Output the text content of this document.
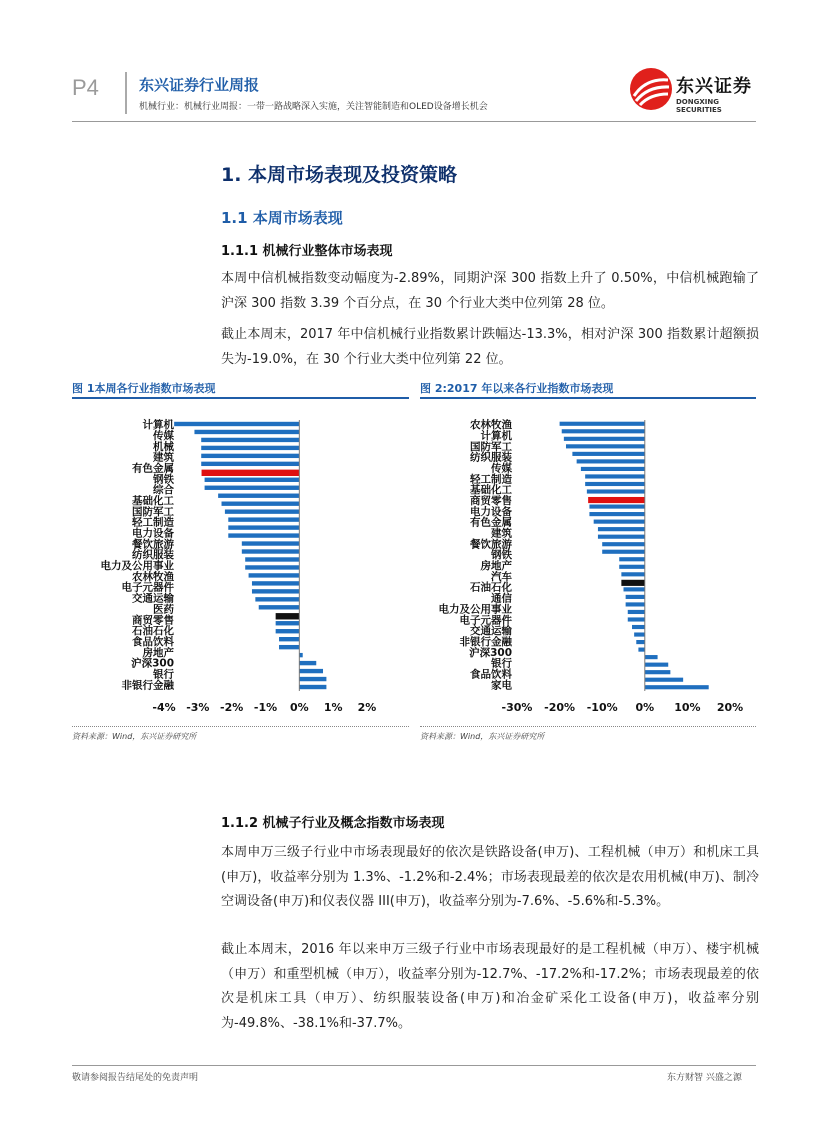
P4	东兴证券行业周报
机械行业：机械行业周报：一带一路战略深入实施，关注智能制造和OLED设备增长机会
东兴证券
DONGXING SECURITIES
1. 本周市场表现及投资策略
1.1 本周市场表现
1.1.1 机械行业整体市场表现

本周中信机械指数变动幅度为-2.89%，同期沪深 300 指数上升了 0.50%，中信机械跑输了沪深 300 指数 3.39 个百分点，在 30 个行业大类中位列第 28 位。

截止本周末，2017 年中信机械行业指数累计跌幅达-13.3%，相对沪深 300 指数累计超额损失为-19.0%，在 30 个行业大类中位列第 22 位。

图 1本周各行业指数市场表现
计算机
传媒
机械
建筑
有色金属
钢铁
综合
基础化工
国防军工
轻工制造
电力设备
餐饮旅游
纺织服装
电力及公用事业
农林牧渔
电子元器件
交通运输
医药
商贸零售
石油石化
食品饮料
房地产
沪深300
银行
非银行金融
-4% -3% -2% -1% 0% 1% 2%
资料来源：Wind，东兴证券研究所
图 2:2017 年以来各行业指数市场表现
农林牧渔
计算机
国防军工
纺织服装
传媒
轻工制造
基础化工
商贸零售
电力设备
有色金属
建筑
餐饮旅游
钢铁
房地产
汽车
石油石化
通信
电力及公用事业
电子元器件
交通运输
非银行金融
沪深300
银行
食品饮料
家电
-30% -20% -10% 0% 10% 20%
资料来源：Wind，东兴证券研究所
1.1.2 机械子行业及概念指数市场表现

本周申万三级子行业中市场表现最好的依次是铁路设备(申万)、工程机械（申万）和机床工具(申万)，收益率分别为 1.3%、-1.2%和-2.4%；市场表现最差的依次是农用机械(申万)、制冷空调设备(申万)和仪表仪器 III(申万)，收益率分别为-7.6%、-5.6%和-5.3%。

截止本周末，2016 年以来申万三级子行业中市场表现最好的是工程机械（申万）、楼宇机械（申万）和重型机械（申万），收益率分别为-12.7%、-17.2%和-17.2%；市场表现最差的依次是机床工具（申万）、纺织服装设备(申万)和冶金矿采化工设备(申万)，收益率分别为-49.8%、-38.1%和-37.7%。

敬请参阅报告结尾处的免责声明	东方财智 兴盛之源
